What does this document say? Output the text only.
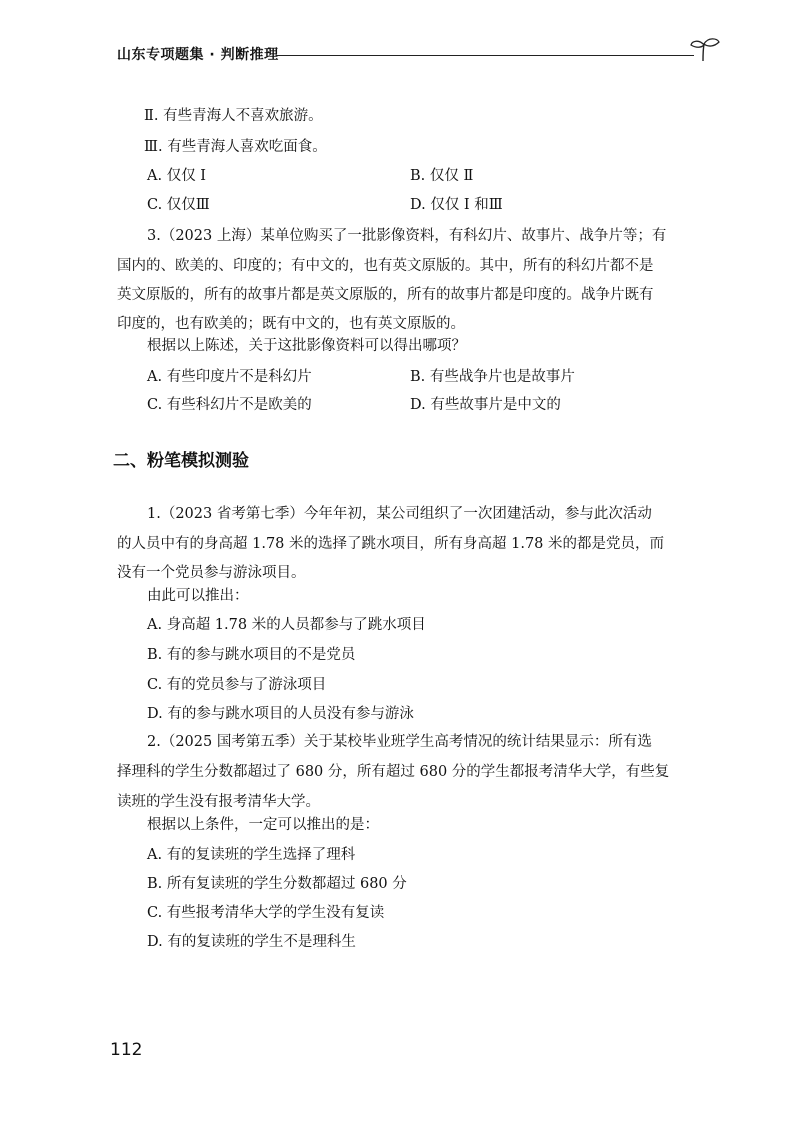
山东专项题集 · 判断推理
Ⅱ. 有些青海人不喜欢旅游。
Ⅲ. 有些青海人喜欢吃面食。
A. 仅仅 Ⅰ	B. 仅仅 Ⅱ
C. 仅仅Ⅲ	D. 仅仅 Ⅰ 和Ⅲ
3.（2023 上海）某单位购买了一批影像资料，有科幻片、故事片、战争片等；有
国内的、欧美的、印度的；有中文的，也有英文原版的。其中，所有的科幻片都不是
英文原版的，所有的故事片都是英文原版的，所有的故事片都是印度的。战争片既有
印度的，也有欧美的；既有中文的，也有英文原版的。
根据以上陈述，关于这批影像资料可以得出哪项？
A. 有些印度片不是科幻片	B. 有些战争片也是故事片
C. 有些科幻片不是欧美的	D. 有些故事片是中文的
二、粉笔模拟测验
1.（2023 省考第七季）今年年初，某公司组织了一次团建活动，参与此次活动
的人员中有的身高超 1.78 米的选择了跳水项目，所有身高超 1.78 米的都是党员，而
没有一个党员参与游泳项目。
由此可以推出：
A. 身高超 1.78 米的人员都参与了跳水项目
B. 有的参与跳水项目的不是党员
C. 有的党员参与了游泳项目
D. 有的参与跳水项目的人员没有参与游泳
2.（2025 国考第五季）关于某校毕业班学生高考情况的统计结果显示：所有选
择理科的学生分数都超过了 680 分，所有超过 680 分的学生都报考清华大学，有些复
读班的学生没有报考清华大学。
根据以上条件，一定可以推出的是：
A. 有的复读班的学生选择了理科
B. 所有复读班的学生分数都超过 680 分
C. 有些报考清华大学的学生没有复读
D. 有的复读班的学生不是理科生
112
